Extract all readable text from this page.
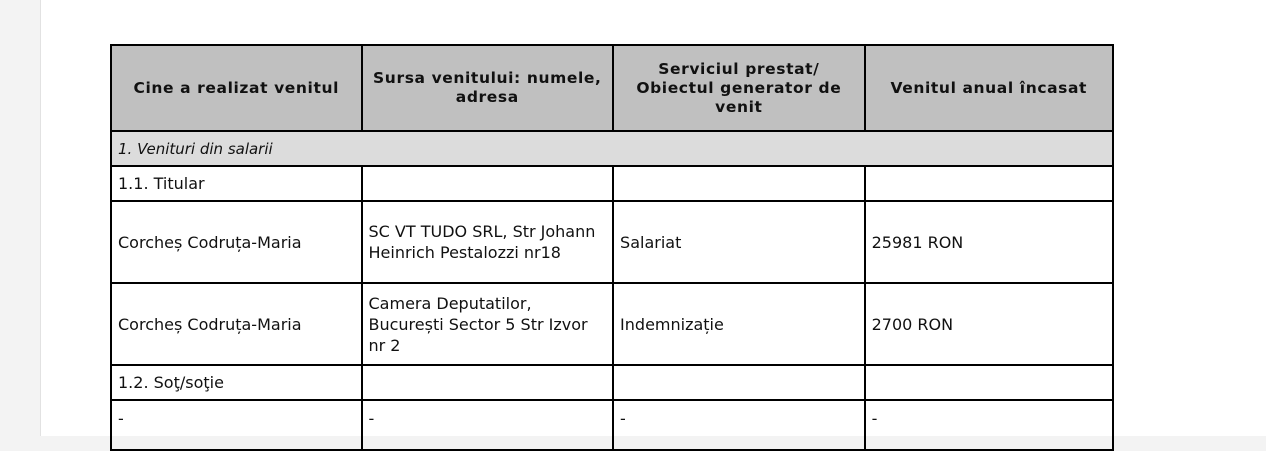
Cine a realizat venitul	Sursa venitului: numele, adresa	Serviciul prestat/ Obiectul generator de venit	Venitul anual încasat
1. Venituri din salarii			
1.1. Titular			
Corcheș Codruța-Maria	SC VT TUDO SRL, Str Johann Heinrich Pestalozzi nr18	Salariat	25981 RON
Corcheș Codruța-Maria	Camera Deputatilor, București Sector 5 Str Izvor nr 2	Indemnizație	2700 RON
1.2. Soţ/soţie			
-	-	-	-
